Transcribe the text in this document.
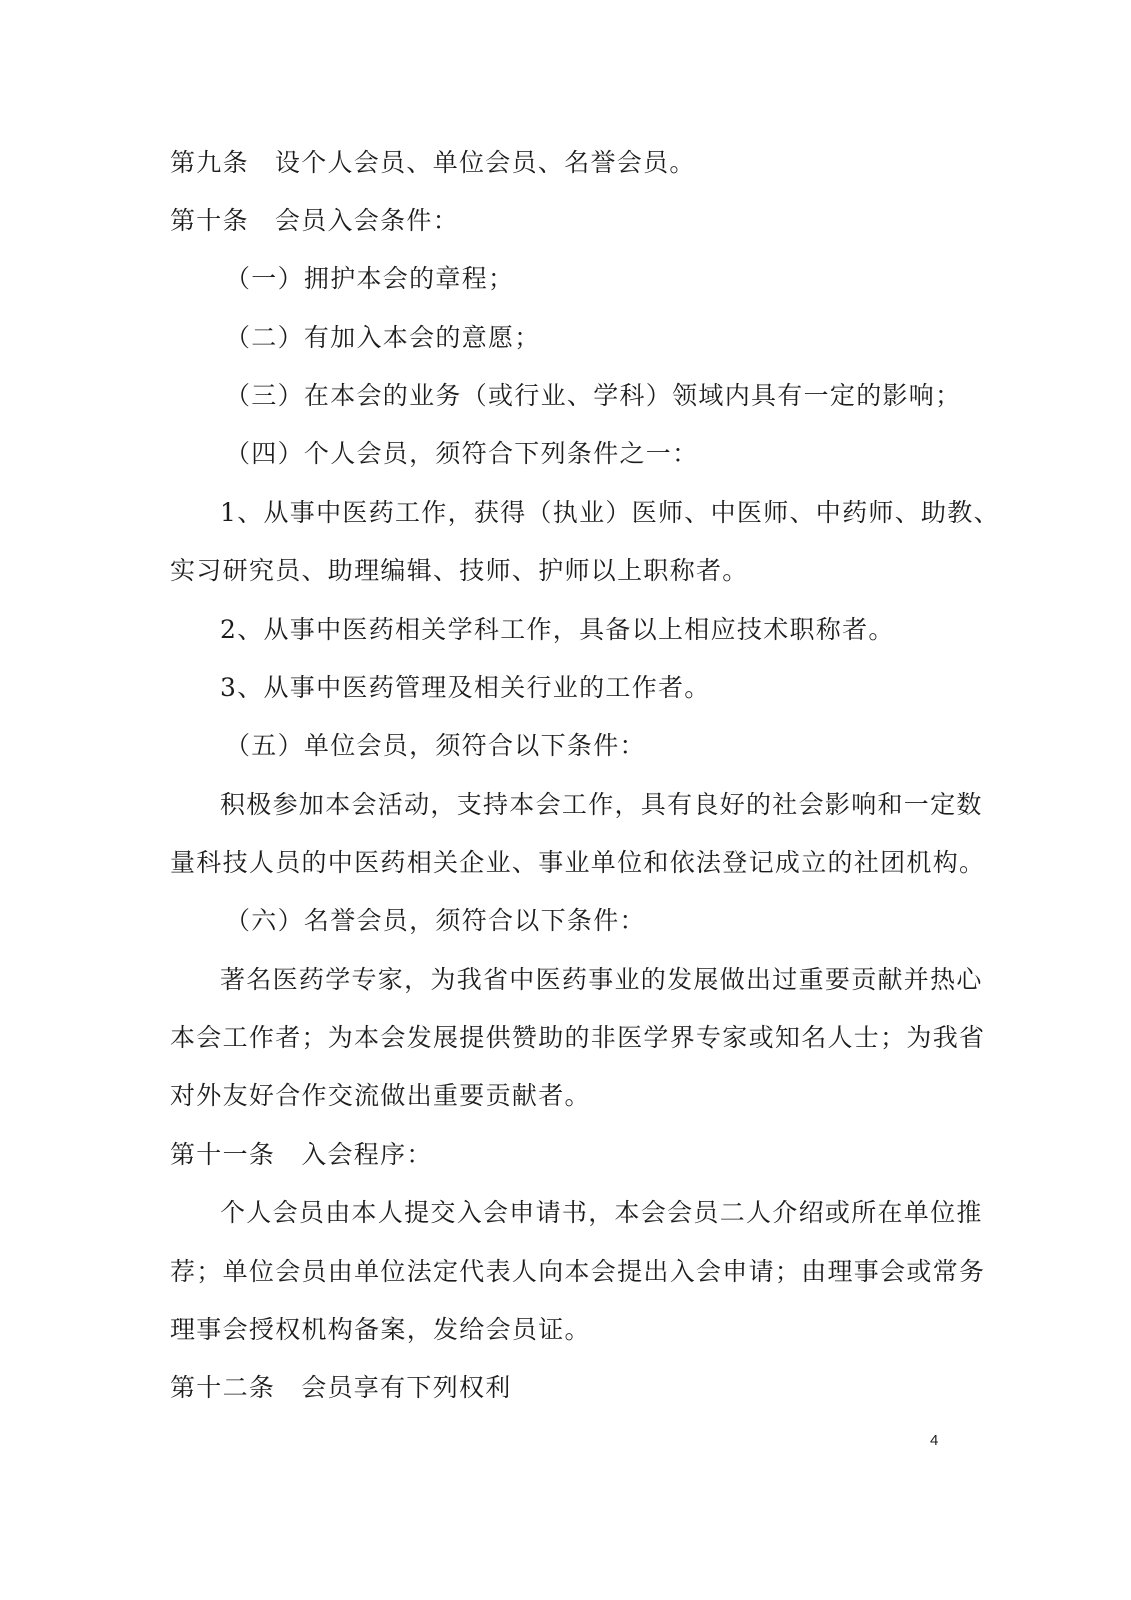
第九条 设个人会员、单位会员、名誉会员。
第十条 会员入会条件：
（一）拥护本会的章程；
（二）有加入本会的意愿；
（三）在本会的业务（或行业、学科）领域内具有一定的影响；
（四）个人会员，须符合下列条件之一：
1、从事中医药工作，获得（执业）医师、中医师、中药师、助教、
实习研究员、助理编辑、技师、护师以上职称者。
2、从事中医药相关学科工作，具备以上相应技术职称者。
3、从事中医药管理及相关行业的工作者。
（五）单位会员，须符合以下条件：
积极参加本会活动，支持本会工作，具有良好的社会影响和一定数
量科技人员的中医药相关企业、事业单位和依法登记成立的社团机构。
（六）名誉会员，须符合以下条件：
著名医药学专家，为我省中医药事业的发展做出过重要贡献并热心
本会工作者；为本会发展提供赞助的非医学界专家或知名人士；为我省
对外友好合作交流做出重要贡献者。
第十一条 入会程序：
个人会员由本人提交入会申请书，本会会员二人介绍或所在单位推
荐；单位会员由单位法定代表人向本会提出入会申请；由理事会或常务
理事会授权机构备案，发给会员证。
第十二条 会员享有下列权利
4
